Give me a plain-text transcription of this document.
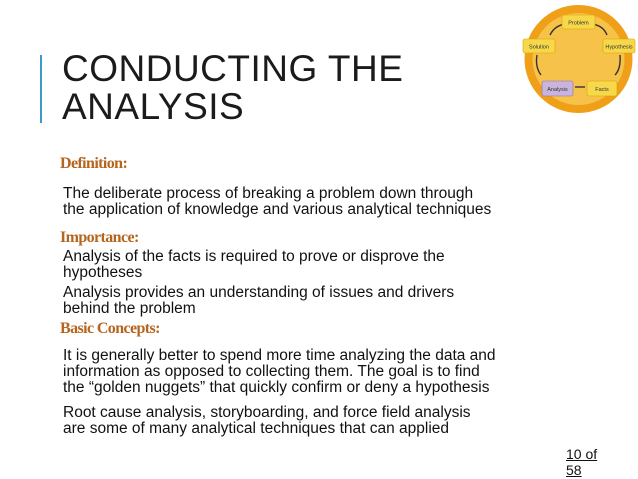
CONDUCTING THE
ANALYSIS
Problem
Hypothesis
Facts
Analysis
Solution
Definition:

The deliberate process of breaking a problem down through
the application of knowledge and various analytical techniques

Importance:

Analysis of the facts is required to prove or disprove the
hypotheses

Analysis provides an understanding of issues and drivers
behind the problem

Basic Concepts:

It is generally better to spend more time analyzing the data and
information as opposed to collecting them. The goal is to find
the “golden nuggets” that quickly confirm or deny a hypothesis

Root cause analysis, storyboarding, and force field analysis
are some of many analytical techniques that can applied

10 of
58
